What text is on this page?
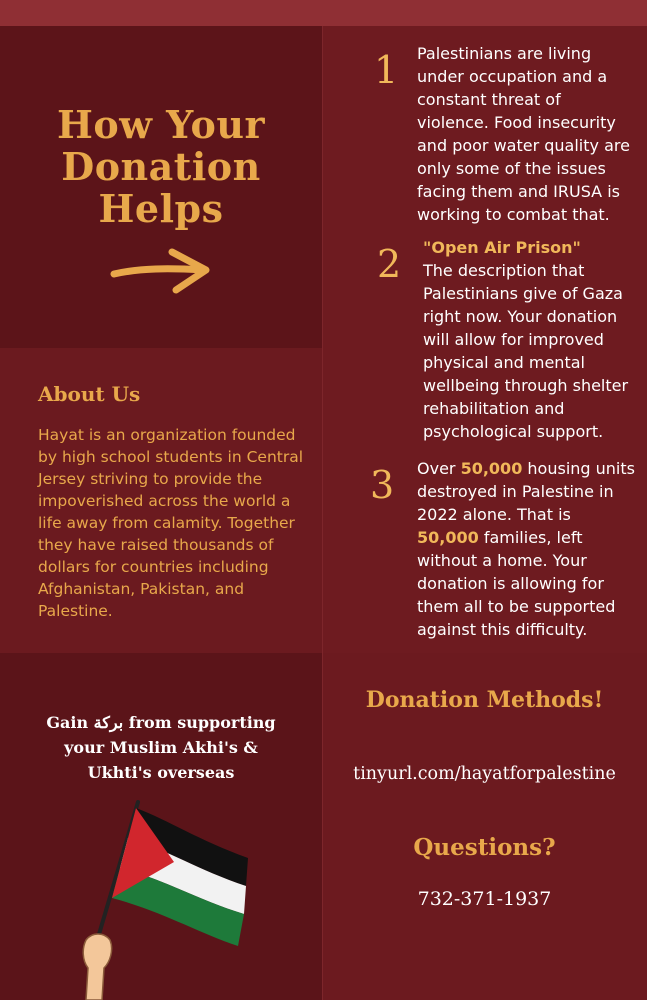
How Your
Donation
Helps
About Us
Hayat is an organization founded by high school students in Central Jersey striving to provide the impoverished across the world a life away from calamity. Together they have raised thousands of dollars for countries including Afghanistan, Pakistan, and Palestine.
1 Palestinians are living under occupation and a constant threat of violence. Food insecurity and poor water quality are only some of the issues facing them and IRUSA is working to combat that.
2 "Open Air Prison"
The description that Palestinians give of Gaza right now. Your donation will allow for improved physical and mental wellbeing through shelter rehabilitation and psychological support.
3 Over 50,000 housing units destroyed in Palestine in 2022 alone. That is 50,000 families, left without a home. Your donation is allowing for them all to be supported against this difficulty.
Gain بركة from supporting
your Muslim Akhi's &
Ukhti's overseas
Donation Methods!
tinyurl.com/hayatforpalestine
Questions?
732-371-1937
